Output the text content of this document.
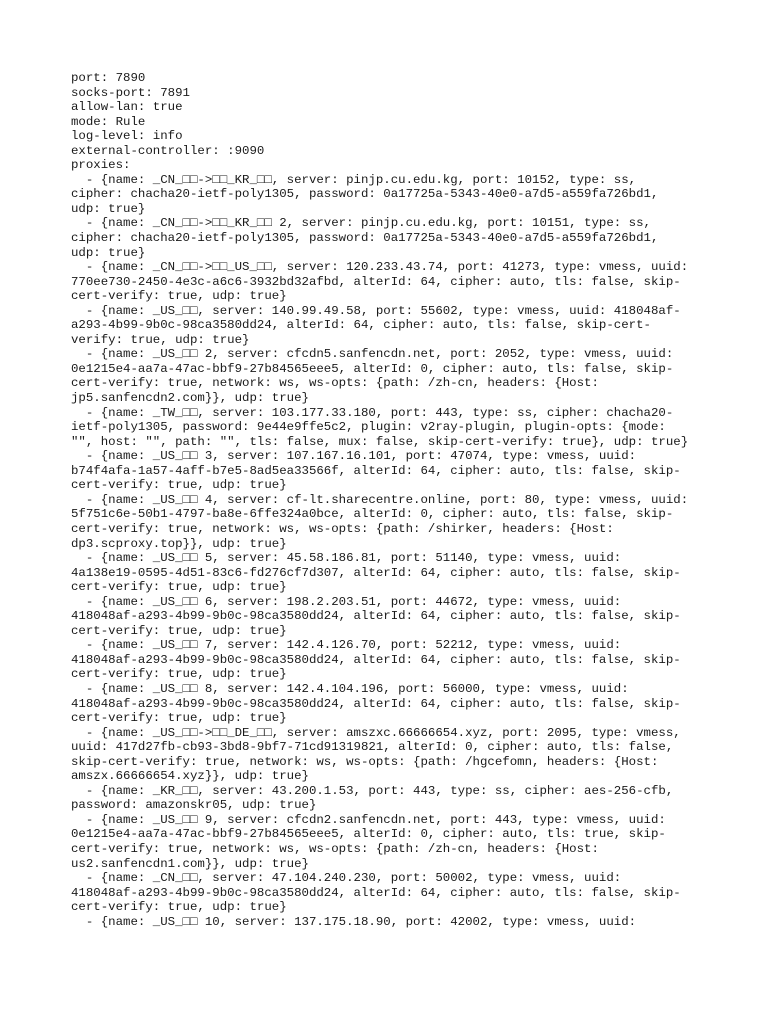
port: 7890
socks-port: 7891
allow-lan: true
mode: Rule
log-level: info
external-controller: :9090
proxies:
- {name: _CN_□□->□□_KR_□□, server: pinjp.cu.edu.kg, port: 10152, type: ss,
cipher: chacha20-ietf-poly1305, password: 0a17725a-5343-40e0-a7d5-a559fa726bd1,
udp: true}
- {name: _CN_□□->□□_KR_□□ 2, server: pinjp.cu.edu.kg, port: 10151, type: ss,
cipher: chacha20-ietf-poly1305, password: 0a17725a-5343-40e0-a7d5-a559fa726bd1,
udp: true}
- {name: _CN_□□->□□_US_□□, server: 120.233.43.74, port: 41273, type: vmess, uuid:
770ee730-2450-4e3c-a6c6-3932bd32afbd, alterId: 64, cipher: auto, tls: false, skip-
cert-verify: true, udp: true}
- {name: _US_□□, server: 140.99.49.58, port: 55602, type: vmess, uuid: 418048af-
a293-4b99-9b0c-98ca3580dd24, alterId: 64, cipher: auto, tls: false, skip-cert-
verify: true, udp: true}
- {name: _US_□□ 2, server: cfcdn5.sanfencdn.net, port: 2052, type: vmess, uuid:
0e1215e4-aa7a-47ac-bbf9-27b84565eee5, alterId: 0, cipher: auto, tls: false, skip-
cert-verify: true, network: ws, ws-opts: {path: /zh-cn, headers: {Host:
jp5.sanfencdn2.com}}, udp: true}
- {name: _TW_□□, server: 103.177.33.180, port: 443, type: ss, cipher: chacha20-
ietf-poly1305, password: 9e44e9ffe5c2, plugin: v2ray-plugin, plugin-opts: {mode:
"", host: "", path: "", tls: false, mux: false, skip-cert-verify: true}, udp: true}
- {name: _US_□□ 3, server: 107.167.16.101, port: 47074, type: vmess, uuid:
b74f4afa-1a57-4aff-b7e5-8ad5ea33566f, alterId: 64, cipher: auto, tls: false, skip-
cert-verify: true, udp: true}
- {name: _US_□□ 4, server: cf-lt.sharecentre.online, port: 80, type: vmess, uuid:
5f751c6e-50b1-4797-ba8e-6ffe324a0bce, alterId: 0, cipher: auto, tls: false, skip-
cert-verify: true, network: ws, ws-opts: {path: /shirker, headers: {Host:
dp3.scproxy.top}}, udp: true}
- {name: _US_□□ 5, server: 45.58.186.81, port: 51140, type: vmess, uuid:
4a138e19-0595-4d51-83c6-fd276cf7d307, alterId: 64, cipher: auto, tls: false, skip-
cert-verify: true, udp: true}
- {name: _US_□□ 6, server: 198.2.203.51, port: 44672, type: vmess, uuid:
418048af-a293-4b99-9b0c-98ca3580dd24, alterId: 64, cipher: auto, tls: false, skip-
cert-verify: true, udp: true}
- {name: _US_□□ 7, server: 142.4.126.70, port: 52212, type: vmess, uuid:
418048af-a293-4b99-9b0c-98ca3580dd24, alterId: 64, cipher: auto, tls: false, skip-
cert-verify: true, udp: true}
- {name: _US_□□ 8, server: 142.4.104.196, port: 56000, type: vmess, uuid:
418048af-a293-4b99-9b0c-98ca3580dd24, alterId: 64, cipher: auto, tls: false, skip-
cert-verify: true, udp: true}
- {name: _US_□□->□□_DE_□□, server: amszxc.66666654.xyz, port: 2095, type: vmess,
uuid: 417d27fb-cb93-3bd8-9bf7-71cd91319821, alterId: 0, cipher: auto, tls: false,
skip-cert-verify: true, network: ws, ws-opts: {path: /hgcefomn, headers: {Host:
amszx.66666654.xyz}}, udp: true}
- {name: _KR_□□, server: 43.200.1.53, port: 443, type: ss, cipher: aes-256-cfb,
password: amazonskr05, udp: true}
- {name: _US_□□ 9, server: cfcdn2.sanfencdn.net, port: 443, type: vmess, uuid:
0e1215e4-aa7a-47ac-bbf9-27b84565eee5, alterId: 0, cipher: auto, tls: true, skip-
cert-verify: true, network: ws, ws-opts: {path: /zh-cn, headers: {Host:
us2.sanfencdn1.com}}, udp: true}
- {name: _CN_□□, server: 47.104.240.230, port: 50002, type: vmess, uuid:
418048af-a293-4b99-9b0c-98ca3580dd24, alterId: 64, cipher: auto, tls: false, skip-
cert-verify: true, udp: true}
- {name: _US_□□ 10, server: 137.175.18.90, port: 42002, type: vmess, uuid:
